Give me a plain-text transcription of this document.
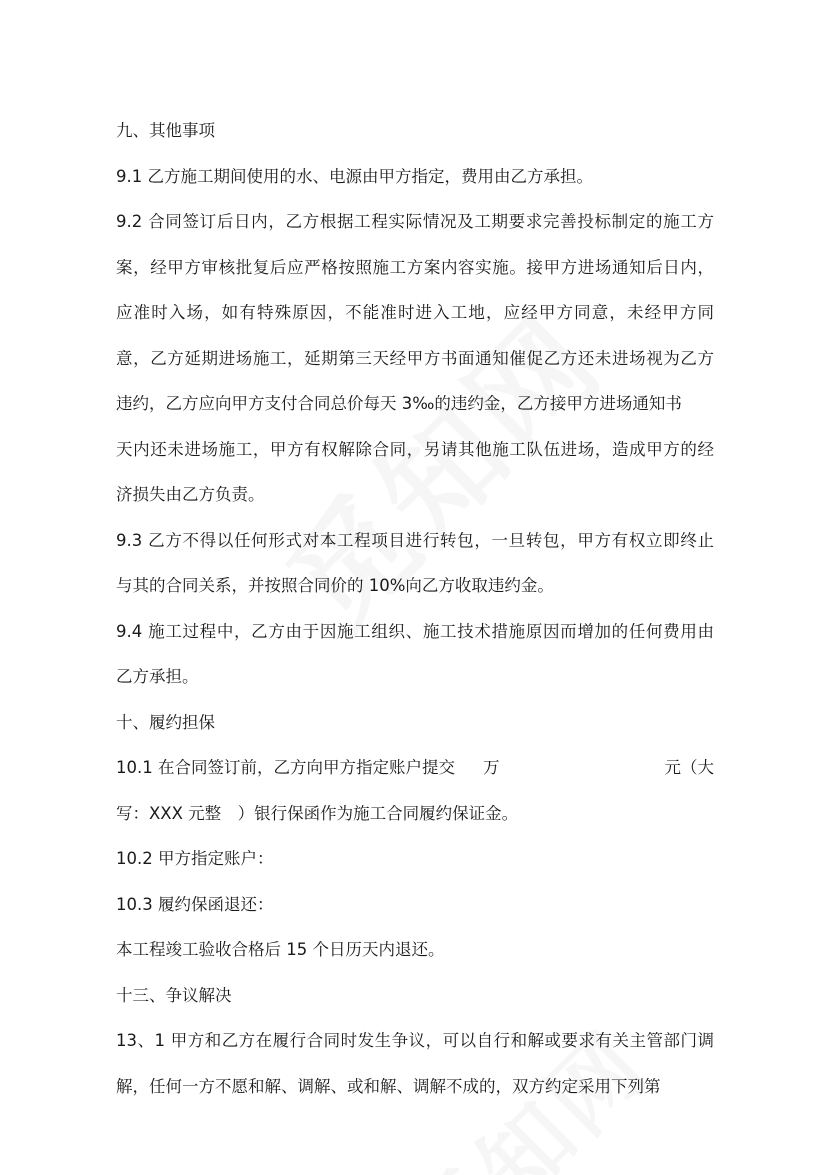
九、其他事项
9.1 乙方施工期间使用的水、电源由甲方指定，费用由乙方承担。
9.2 合同签订后日内，乙方根据工程实际情况及工期要求完善投标制定的施工方
案，经甲方审核批复后应严格按照施工方案内容实施。接甲方进场通知后日内，
应准时入场，如有特殊原因，不能准时进入工地，应经甲方同意，未经甲方同
意，乙方延期进场施工，延期第三天经甲方书面通知催促乙方还未进场视为乙方
违约，乙方应向甲方支付合同总价每天 3‰的违约金，乙方接甲方进场通知书
天内还未进场施工，甲方有权解除合同，另请其他施工队伍进场，造成甲方的经
济损失由乙方负责。
9.3 乙方不得以任何形式对本工程项目进行转包，一旦转包，甲方有权立即终止
与其的合同关系，并按照合同价的 10%向乙方收取违约金。
9.4 施工过程中，乙方由于因施工组织、施工技术措施原因而增加的任何费用由
乙方承担。
十、履约担保
10.1 在合同签订前，乙方向甲方指定账户提交 万	元（大
写：XXX 元整　）银行保函作为施工合同履约保证金。
10.2 甲方指定账户：
10.3 履约保函退还：
本工程竣工验收合格后 15 个日历天内退还。
十三、争议解决
13、1 甲方和乙方在履行合同时发生争议，可以自行和解或要求有关主管部门调
解，任何一方不愿和解、调解、或和解、调解不成的，双方约定采用下列第
